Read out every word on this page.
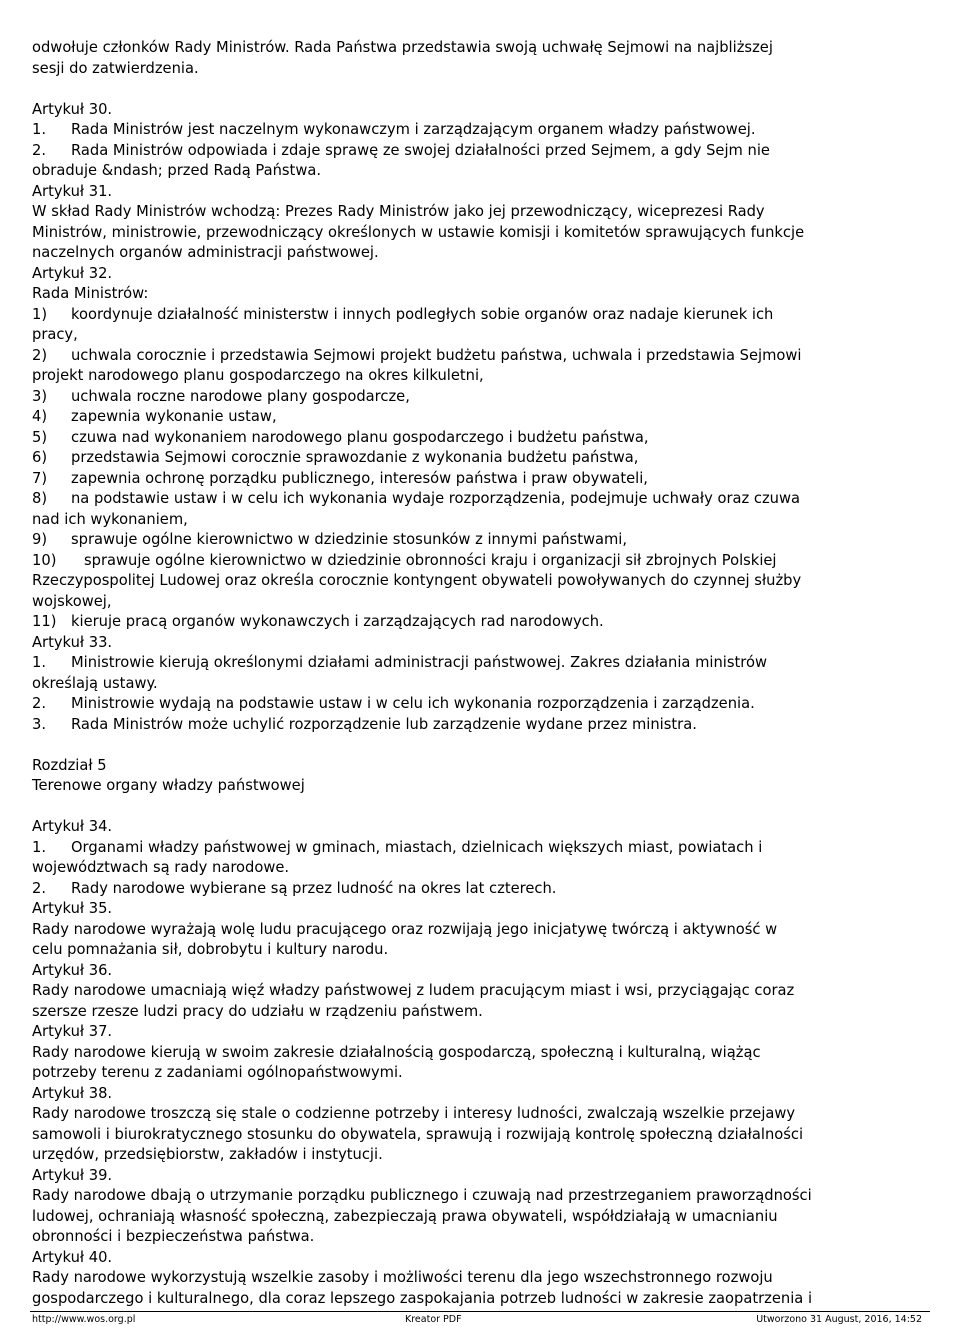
odwołuje członków Rady Ministrów. Rada Państwa przedstawia swoją uchwałę Sejmowi na najbliższej
sesji do zatwierdzenia.
Artykuł 30.
1. Rada Ministrów jest naczelnym wykonawczym i zarządzającym organem władzy państwowej.
2. Rada Ministrów odpowiada i zdaje sprawę ze swojej działalności przed Sejmem, a gdy Sejm nie
obraduje &ndash; przed Radą Państwa.
Artykuł 31.
W skład Rady Ministrów wchodzą: Prezes Rady Ministrów jako jej przewodniczący, wiceprezesi Rady
Ministrów, ministrowie, przewodniczący określonych w ustawie komisji i komitetów sprawujących funkcje
naczelnych organów administracji państwowej.
Artykuł 32.
Rada Ministrów:
1) koordynuje działalność ministerstw i innych podległych sobie organów oraz nadaje kierunek ich
pracy,
2) uchwala corocznie i przedstawia Sejmowi projekt budżetu państwa, uchwala i przedstawia Sejmowi
projekt narodowego planu gospodarczego na okres kilkuletni,
3) uchwala roczne narodowe plany gospodarcze,
4) zapewnia wykonanie ustaw,
5) czuwa nad wykonaniem narodowego planu gospodarczego i budżetu państwa,
6) przedstawia Sejmowi corocznie sprawozdanie z wykonania budżetu państwa,
7) zapewnia ochronę porządku publicznego, interesów państwa i praw obywateli,
8) na podstawie ustaw i w celu ich wykonania wydaje rozporządzenia, podejmuje uchwały oraz czuwa
nad ich wykonaniem,
9) sprawuje ogólne kierownictwo w dziedzinie stosunków z innymi państwami,
10) sprawuje ogólne kierownictwo w dziedzinie obronności kraju i organizacji sił zbrojnych Polskiej
Rzeczypospolitej Ludowej oraz określa corocznie kontyngent obywateli powoływanych do czynnej służby
wojskowej,
11) kieruje pracą organów wykonawczych i zarządzających rad narodowych.
Artykuł 33.
1. Ministrowie kierują określonymi działami administracji państwowej. Zakres działania ministrów
określają ustawy.
2. Ministrowie wydają na podstawie ustaw i w celu ich wykonania rozporządzenia i zarządzenia.
3. Rada Ministrów może uchylić rozporządzenie lub zarządzenie wydane przez ministra.
Rozdział 5
Terenowe organy władzy państwowej
Artykuł 34.
1. Organami władzy państwowej w gminach, miastach, dzielnicach większych miast, powiatach i
województwach są rady narodowe.
2. Rady narodowe wybierane są przez ludność na okres lat czterech.
Artykuł 35.
Rady narodowe wyrażają wolę ludu pracującego oraz rozwijają jego inicjatywę twórczą i aktywność w
celu pomnażania sił, dobrobytu i kultury narodu.
Artykuł 36.
Rady narodowe umacniają więź władzy państwowej z ludem pracującym miast i wsi, przyciągając coraz
szersze rzesze ludzi pracy do udziału w rządzeniu państwem.
Artykuł 37.
Rady narodowe kierują w swoim zakresie działalnością gospodarczą, społeczną i kulturalną, wiążąc
potrzeby terenu z zadaniami ogólnopaństwowymi.
Artykuł 38.
Rady narodowe troszczą się stale o codzienne potrzeby i interesy ludności, zwalczają wszelkie przejawy
samowoli i biurokratycznego stosunku do obywatela, sprawują i rozwijają kontrolę społeczną działalności
urzędów, przedsiębiorstw, zakładów i instytucji.
Artykuł 39.
Rady narodowe dbają o utrzymanie porządku publicznego i czuwają nad przestrzeganiem praworządności
ludowej, ochraniają własność społeczną, zabezpieczają prawa obywateli, współdziałają w umacnianiu
obronności i bezpieczeństwa państwa.
Artykuł 40.
Rady narodowe wykorzystują wszelkie zasoby i możliwości terenu dla jego wszechstronnego rozwoju
gospodarczego i kulturalnego, dla coraz lepszego zaspokajania potrzeb ludności w zakresie zaopatrzenia i
http://www.wos.org.pl	Kreator PDF	Utworzono 31 August, 2016, 14:52
